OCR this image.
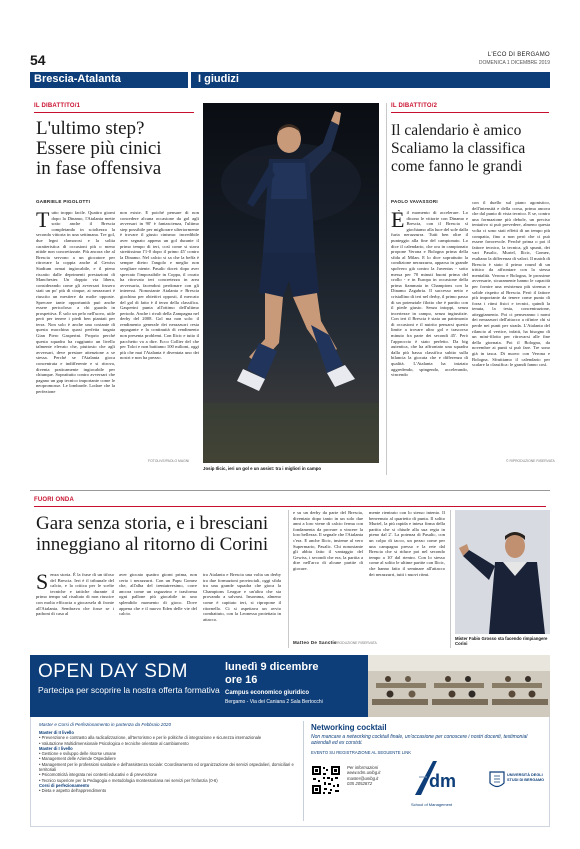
54	L'ECO DI BERGAMO
DOMENICA 1 DICEMBRE 2019
Brescia-Atalanta	I giudizi
IL DIBATTITO/1
L'ultimo step?
Essere più cinici
in fase offensiva
GABRIELE PIGOLOTTI
T utto troppo facile. Quattro giorni dopo la Dinamo, l'Atalanta mette sotto anche il Brescia completando in scioltezza la seconda vittoria in una settimana. Tre gol, due legni clamorosi e la solita caratteristica di occasioni più o meno nitide non concretizzate. Più ancora che al Brescia servono a un giocatore per ritrovare la coppia anche al Gewiss Stadium ormai ingiocabile, e il pieno riscatto dalle deprimenti prestazioni di Manchester. Un doppio via libera, considerando come gli avversari fossero stati un po' più di cinque, ai nerazzurri è riuscito un mestiere da molte opposte. Sprecare tante opportunità può anche essere pericoloso: a chi guarda in prospettiva. È solo un pelo nell'uovo, utile però per tenere i piedi ben piantati per terra. Non solo è anche una costante di questa macchina quasi perfetta targata Gian Piero Gasperini. Proprio perché questa squadra ha raggiunto un livello talmente elevato che, piuttosto che agli avversari, deve prestare attenzione a se stessa. Perché se l'Atalanta gioca concentrata e indifferente e si ritrova, diventa praticamente ingiocabile per chiunque. Soprattutto contro avversari che pagano un gap tecnico importante come le neopromosse. Le lombarde. Lodare che la perfezione
non esiste. E poiché pensare di non concedere alcuna occasione da gol agli avversari in 90' è fantascienza, l'ultimo step possibile per migliorare ulteriormente è trovare il giusto cinismo: incredibile aver segnato appena un gol durante il primo tempo di ieri, così come si stava strettissimo l'1-0 dopo il primo 45' contro la Dinamo. Nel calcio si sa che la beffa è sempre dietro l'angolo e meglio non svegliare niente. Pasalic docet: dopo aver sprecato l'impossibile in Coppa, il croato ha ritrovato ieri concretezza in area avversaria, facendosi perdonare con gli interessi. Nonostante Atalanta e Brescia giochino per obiettivi opposti, il mercato del gol di fatto è il terzo della classifica. Gasperini punta all'ottimo dell'ultimo periodo. Anche i rivali della Zampagna nel derby del 2008. Gol ma non solo: il rendimento generale dei nerazzurri resta appagante e la continuità di rendimento non presenta problemi. Con Ilicic e tutto il pacchetto va a dire. Ecco Collier del che per Toloi e non battiamo 100 milioni, oggi più che mai l'Atalanta è diventata uno dei nostri e non ha prezzo.
FOTOLIVE/PAOLO MAGNI
Josip Ilicic, ieri un gol e un assist: tra i migliori in campo
IL DIBATTITO/2
Il calendario è amico
Scaliamo la classifica
come fanno le grandi
PAOLO VAVASSORI
È il momento di accelerare. Lo dicono le vittorie con Dinamo e Brescia, con il Brescia sì giochiamo alla luce del sole dalla furia nerazzurra. Tutti ben oltre il punteggio alla fine del campionato. Lo dice il calendario, che ora in campionato propone Verona e Bologna prima della sfida al Milan. E lo dice soprattutto la condizione nerazzurra, apparsa in grande spolvero già contro la Juventus - sotto messa per 70 minuti buoni prima del crollo - e in Europa in occasione della prima fiammata in Champions con la Dinamo Zagabria. Il successo netto e cristallino di ieri nel derby, il primo passo di un potenziale filotto che è partito con il piede giusto. Senza intoppi, senza incertezze in campo, senza ingiustizie. Con ieri il Brescia è stata un patrimonio di occasioni e il nutrito pensarsi questo limite a trovare altro gol e trascorso minuto fra parte dei secondi 45'. Però l'approccio è stato perfetto. Da big autentica, che ha affrontato una squadra dalla più bassa classifica subito sulla bilancia la giocata che e differenza di qualità. L'Atalanta ha iniziato aggredendo, spingendo, accelerando, vincendo
con il duello sul piano agonistico, dell'intensità e della corsa, prima ancora che dal punto di vista tecnico. E se, contro una formazione più debole, un preciso tentativo si può prevedere, almeno questa volta ci sono stati effetti di un tempo più compatto, fino a non però che ci può essere favorevole. Perché prima o poi il fattore tecnico, la tecnica, gli spunti, dei vari Pasalic, Muriel, Ilicic, Gomez, esaltano la differenza di valori. Il match di Brescia è stato il primo round di un trittico da affrontare con la stessa mentalità. Verona e Bologna, le prossime avversarie, sicuramente hanno le capacità per fornire una resistenza più strenua e solide rispetto al Brescia. Però il fattore più importante da tenere come punto di forza i ritmi fisici e tecnici, quindi la tenuta, la testa, concentrazione, atteggiamento. Poi ci penseranno i nomi dei nerazzurri dell'attacco a rifinire chi si perde nei punti per strada. L'Atalanta del rilancio al vertice, infatti, ha bisogno di un mini-filotto per ritrovarsi alle fine della giornata. Poi il Bologna, da novembre ai punti si può fare. Tre sono già in tasca. Di nuovo con Verona e Bologna. Sfruttiamo il calendario per scalare la classifica: le grandi fanno così.
© RIPRODUZIONE RISERVATA
FUORI ONDA
Gara senza storia, e i bresciani
inneggiano al ritorno di Corini
S enza storia. È la frase di un tifoso del Brescia. Ieri è il tribunale del calcio, e la critica per le scelte tecniche e tattiche durante il primo tempo sul risultato di non riuscire con molta efficacia a giocarsela di fronte all'Atalanta. Sembrava che fosse se i padroni di casa al
aver giocato quattro giorni prima, non certo i nerazzurri. Con un Papu Gomez che, all'alba del trentatreesimo, corre ancora come un ragazzino e trasforma ogni pallone più giocabile in uno splendido momento di gioco. Dove appena che e il nuovo Eden delle vie del calcio.
tra Atalanta e Brescia una volta un derby tra due formazioni provinciali, oggi sfida tra una grande squadra che gioca la Champions League e un'altra che sta provando a salvarsi. Insomma, almeno come è capitato ieri, si ripropone il ritornello. Ci si aspettava un avvio combattuto, con la Leonessa proiettata in attacco.
e su un derby da parte del Brescia, diventato dopo tanto in un solo due anni a loro viene di calcio ferma con fondamenta da provare a vincere la loro bellezza. Il segnale che l'Atalanta c'era. E anche Ilicic, insieme al vero Supermario, Pasalic. Chi nonostante gli abbia fatto il vantaggio del Gewiss, i secondi che era, la partita a dire nell'arco di alcune partite di giocare.
Matteo De Sanctis
© RIPRODUZIONE RISERVATA
mente rientrato con lo stesso intento. Il benvenuto al quartetto di punta. Il solito Muriel, la più rapida e intesa firma della partita che si chiude alla sua regia in pieno dal 2'. La potenza di Pasalic, con un colpo di tacco, un pezzo come per una campagna presso e la rete dal Brescia che si riduce poi nel secondo tempo a 10' dal rientro. Con lo stesso come al solito le ultime partite con Ilicic, che hanno fatto il seminare all'attacco dei nerazzurri, tutti i nuovi ritmi.
Mister Fabio Grosso sta facendo rimpiangere Corini
OPEN DAY SDM
Partecipa per scoprire la nostra offerta formativa
lunedì 9 dicembre
ore 16
Campus economico giuridico
Bergamo - Via dei Caniana 2 Sala Bertocchi
Master e Corsi di Perfezionamento in partenza da Febbraio 2020
Master di II livello
• Prevenzione e contrasto alla radicalizzazione, all'terrorismo e per le politiche di integrazione e sicurezza internazionale
• Valutazione Multidimensionale Psicologica e tecniche orientate al cambiamento
Master di I livello
• Gestione e sviluppo delle risorse umane
• Management delle Aziende Ospedaliere
• Management per le professioni sanitarie e dell'assistenza sociale: Coordinamento ed organizzazione dei servizi ospedalieri, domiciliari e territoriali
• Psicomotricità integrata nei contesti educativi e di prevenzione
• Tecnico superiore per la Pedagogia e metodologia montessoriana nei servizi per l'infanzia (0-6)
Corsi di perfezionamento
• Dieta e aspetto dell'apprendimento
Networking cocktail
Non mancare a networking cocktail finale, un'occasione per conoscere i nostri docenti, testimonial aziendali ed ex corsisti.
EVENTO SU REGISTRAZIONE AL SEGUENTE LINK
Per informazioni
www.sdm.unibg.it
master@unibg.it
035 2052872	dm
School of Management
UNIVERSITÀ DEGLI STUDI DI BERGAMO
